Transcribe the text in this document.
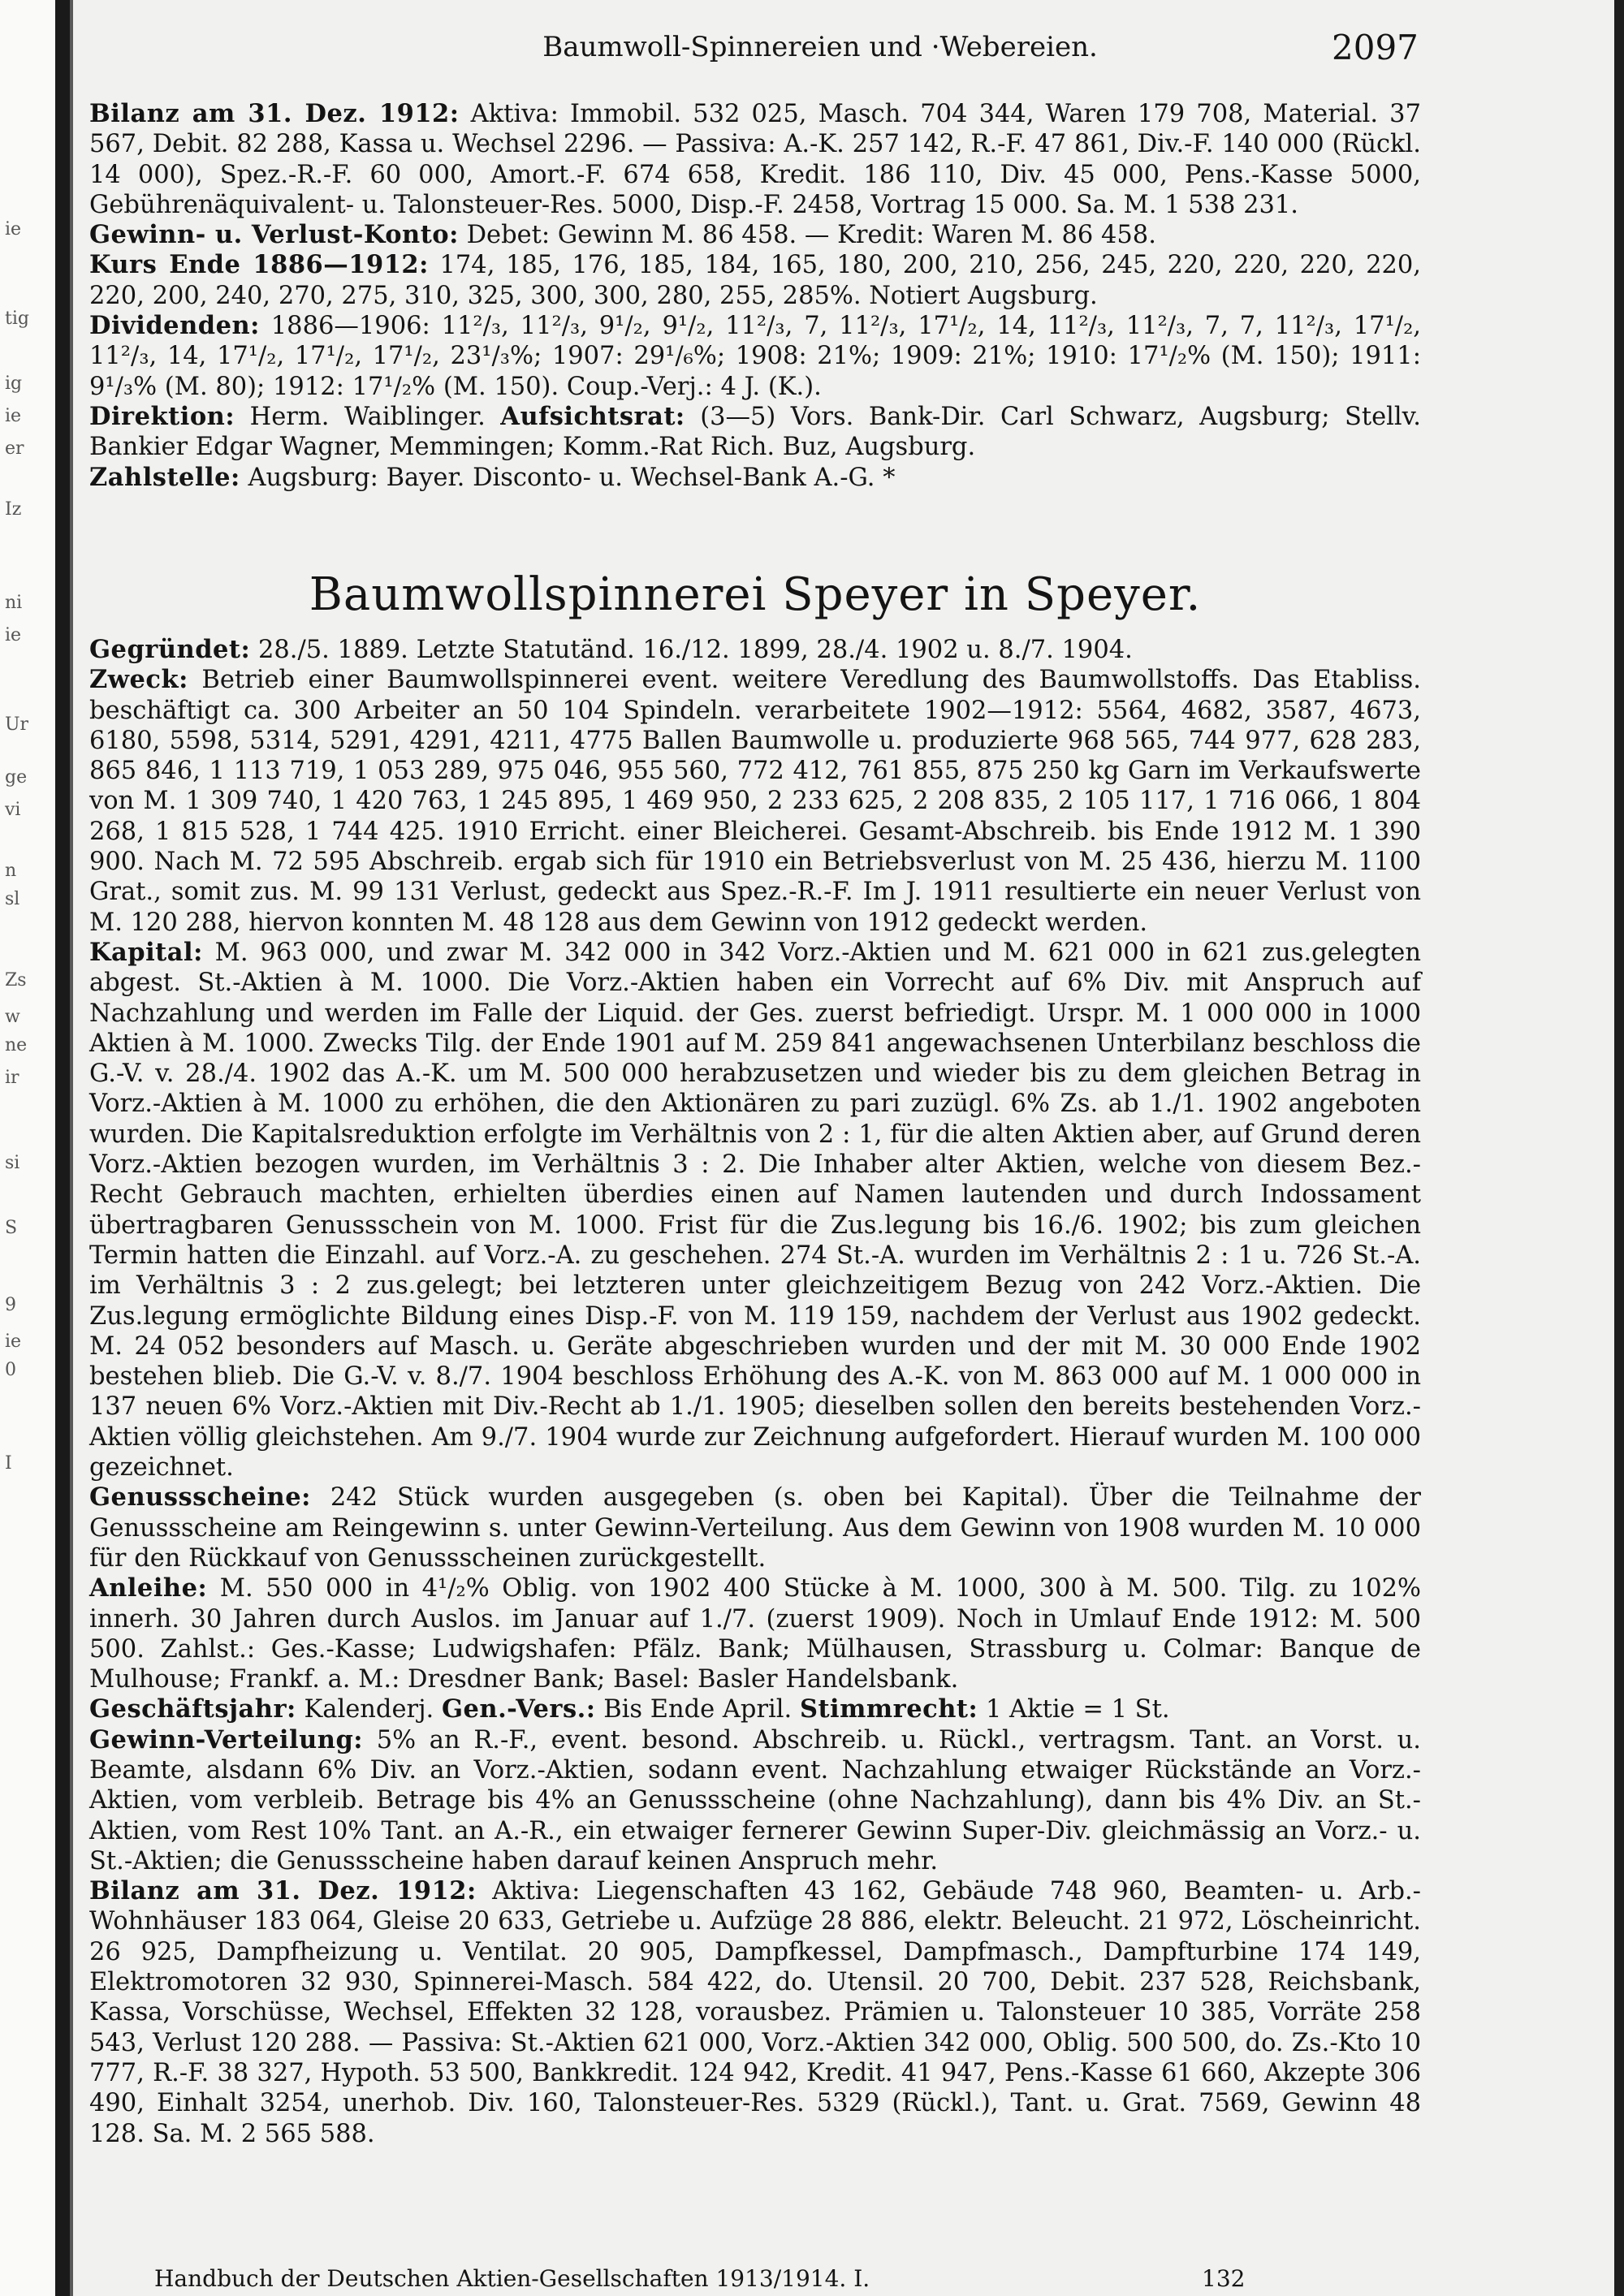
ie
tig
ig
ie
er
Iz
ni
ie
Ur
ge
vi
n
sl
Zs
w
ne
ir
si
S
9
ie
0
I
Baumwoll-Spinnereien und ·Webereien.	2097

Bilanz am 31. Dez. 1912: Aktiva: Immobil. 532 025, Masch. 704 344, Waren 179 708, Material. 37 567, Debit. 82 288, Kassa u. Wechsel 2296. — Passiva: A.-K. 257 142, R.-F. 47 861, Div.-F. 140 000 (Rückl. 14 000), Spez.-R.-F. 60 000, Amort.-F. 674 658, Kredit. 186 110, Div. 45 000, Pens.-Kasse 5000, Gebührenäquivalent- u. Talonsteuer-Res. 5000, Disp.-F. 2458, Vortrag 15 000. Sa. M. 1 538 231.

Gewinn- u. Verlust-Konto: Debet: Gewinn M. 86 458. — Kredit: Waren M. 86 458.

Kurs Ende 1886—1912: 174, 185, 176, 185, 184, 165, 180, 200, 210, 256, 245, 220, 220, 220, 220, 220, 200, 240, 270, 275, 310, 325, 300, 300, 280, 255, 285%. Notiert Augsburg.

Dividenden: 1886—1906: 11²/₃, 11²/₃, 9¹/₂, 9¹/₂, 11²/₃, 7, 11²/₃, 17¹/₂, 14, 11²/₃, 11²/₃, 7, 7, 11²/₃, 17¹/₂, 11²/₃, 14, 17¹/₂, 17¹/₂, 17¹/₂, 23¹/₃%; 1907: 29¹/₆%; 1908: 21%; 1909: 21%; 1910: 17¹/₂% (M. 150); 1911: 9¹/₃% (M. 80); 1912: 17¹/₂% (M. 150). Coup.-Verj.: 4 J. (K.).

Direktion: Herm. Waiblinger. Aufsichtsrat: (3—5) Vors. Bank-Dir. Carl Schwarz, Augsburg; Stellv. Bankier Edgar Wagner, Memmingen; Komm.-Rat Rich. Buz, Augsburg.

Zahlstelle: Augsburg: Bayer. Disconto- u. Wechsel-Bank A.-G. *

Baumwollspinnerei Speyer in Speyer.

Gegründet: 28./5. 1889. Letzte Statutänd. 16./12. 1899, 28./4. 1902 u. 8./7. 1904.

Zweck: Betrieb einer Baumwollspinnerei event. weitere Veredlung des Baumwollstoffs. Das Etabliss. beschäftigt ca. 300 Arbeiter an 50 104 Spindeln. verarbeitete 1902—1912: 5564, 4682, 3587, 4673, 6180, 5598, 5314, 5291, 4291, 4211, 4775 Ballen Baumwolle u. produzierte 968 565, 744 977, 628 283, 865 846, 1 113 719, 1 053 289, 975 046, 955 560, 772 412, 761 855, 875 250 kg Garn im Verkaufswerte von M. 1 309 740, 1 420 763, 1 245 895, 1 469 950, 2 233 625, 2 208 835, 2 105 117, 1 716 066, 1 804 268, 1 815 528, 1 744 425. 1910 Erricht. einer Bleicherei. Gesamt-Abschreib. bis Ende 1912 M. 1 390 900. Nach M. 72 595 Abschreib. ergab sich für 1910 ein Betriebsverlust von M. 25 436, hierzu M. 1100 Grat., somit zus. M. 99 131 Verlust, gedeckt aus Spez.-R.-F. Im J. 1911 resultierte ein neuer Verlust von M. 120 288, hiervon konnten M. 48 128 aus dem Gewinn von 1912 gedeckt werden.

Kapital: M. 963 000, und zwar M. 342 000 in 342 Vorz.-Aktien und M. 621 000 in 621 zus.gelegten abgest. St.-Aktien à M. 1000. Die Vorz.-Aktien haben ein Vorrecht auf 6% Div. mit Anspruch auf Nachzahlung und werden im Falle der Liquid. der Ges. zuerst befriedigt. Urspr. M. 1 000 000 in 1000 Aktien à M. 1000. Zwecks Tilg. der Ende 1901 auf M. 259 841 angewachsenen Unterbilanz beschloss die G.-V. v. 28./4. 1902 das A.-K. um M. 500 000 herabzusetzen und wieder bis zu dem gleichen Betrag in Vorz.-Aktien à M. 1000 zu erhöhen, die den Aktionären zu pari zuzügl. 6% Zs. ab 1./1. 1902 angeboten wurden. Die Kapitalsreduktion erfolgte im Verhältnis von 2 : 1, für die alten Aktien aber, auf Grund deren Vorz.-Aktien bezogen wurden, im Verhältnis 3 : 2. Die Inhaber alter Aktien, welche von diesem Bez.-Recht Gebrauch machten, erhielten überdies einen auf Namen lautenden und durch Indossament übertragbaren Genussschein von M. 1000. Frist für die Zus.legung bis 16./6. 1902; bis zum gleichen Termin hatten die Einzahl. auf Vorz.-A. zu geschehen. 274 St.-A. wurden im Verhältnis 2 : 1 u. 726 St.-A. im Verhältnis 3 : 2 zus.gelegt; bei letzteren unter gleichzeitigem Bezug von 242 Vorz.-Aktien. Die Zus.legung ermöglichte Bildung eines Disp.-F. von M. 119 159, nachdem der Verlust aus 1902 gedeckt. M. 24 052 besonders auf Masch. u. Geräte abgeschrieben wurden und der mit M. 30 000 Ende 1902 bestehen blieb. Die G.-V. v. 8./7. 1904 beschloss Erhöhung des A.-K. von M. 863 000 auf M. 1 000 000 in 137 neuen 6% Vorz.-Aktien mit Div.-Recht ab 1./1. 1905; dieselben sollen den bereits bestehenden Vorz.-Aktien völlig gleichstehen. Am 9./7. 1904 wurde zur Zeichnung aufgefordert. Hierauf wurden M. 100 000 gezeichnet.

Genussscheine: 242 Stück wurden ausgegeben (s. oben bei Kapital). Über die Teilnahme der Genussscheine am Reingewinn s. unter Gewinn-Verteilung. Aus dem Gewinn von 1908 wurden M. 10 000 für den Rückkauf von Genussscheinen zurückgestellt.

Anleihe: M. 550 000 in 4¹/₂% Oblig. von 1902 400 Stücke à M. 1000, 300 à M. 500. Tilg. zu 102% innerh. 30 Jahren durch Auslos. im Januar auf 1./7. (zuerst 1909). Noch in Umlauf Ende 1912: M. 500 500. Zahlst.: Ges.-Kasse; Ludwigshafen: Pfälz. Bank; Mülhausen, Strassburg u. Colmar: Banque de Mulhouse; Frankf. a. M.: Dresdner Bank; Basel: Basler Handelsbank.

Geschäftsjahr: Kalenderj. Gen.-Vers.: Bis Ende April. Stimmrecht: 1 Aktie = 1 St.

Gewinn-Verteilung: 5% an R.-F., event. besond. Abschreib. u. Rückl., vertragsm. Tant. an Vorst. u. Beamte, alsdann 6% Div. an Vorz.-Aktien, sodann event. Nachzahlung etwaiger Rückstände an Vorz.-Aktien, vom verbleib. Betrage bis 4% an Genussscheine (ohne Nachzahlung), dann bis 4% Div. an St.-Aktien, vom Rest 10% Tant. an A.-R., ein etwaiger fernerer Gewinn Super-Div. gleichmässig an Vorz.- u. St.-Aktien; die Genussscheine haben darauf keinen Anspruch mehr.

Bilanz am 31. Dez. 1912: Aktiva: Liegenschaften 43 162, Gebäude 748 960, Beamten- u. Arb.-Wohnhäuser 183 064, Gleise 20 633, Getriebe u. Aufzüge 28 886, elektr. Beleucht. 21 972, Löscheinricht. 26 925, Dampfheizung u. Ventilat. 20 905, Dampfkessel, Dampfmasch., Dampfturbine 174 149, Elektromotoren 32 930, Spinnerei-Masch. 584 422, do. Utensil. 20 700, Debit. 237 528, Reichsbank, Kassa, Vorschüsse, Wechsel, Effekten 32 128, vorausbez. Prämien u. Talonsteuer 10 385, Vorräte 258 543, Verlust 120 288. — Passiva: St.-Aktien 621 000, Vorz.-Aktien 342 000, Oblig. 500 500, do. Zs.-Kto 10 777, R.-F. 38 327, Hypoth. 53 500, Bankkredit. 124 942, Kredit. 41 947, Pens.-Kasse 61 660, Akzepte 306 490, Einhalt 3254, unerhob. Div. 160, Talonsteuer-Res. 5329 (Rückl.), Tant. u. Grat. 7569, Gewinn 48 128. Sa. M. 2 565 588.

Handbuch der Deutschen Aktien-Gesellschaften 1913/1914. I.	132
